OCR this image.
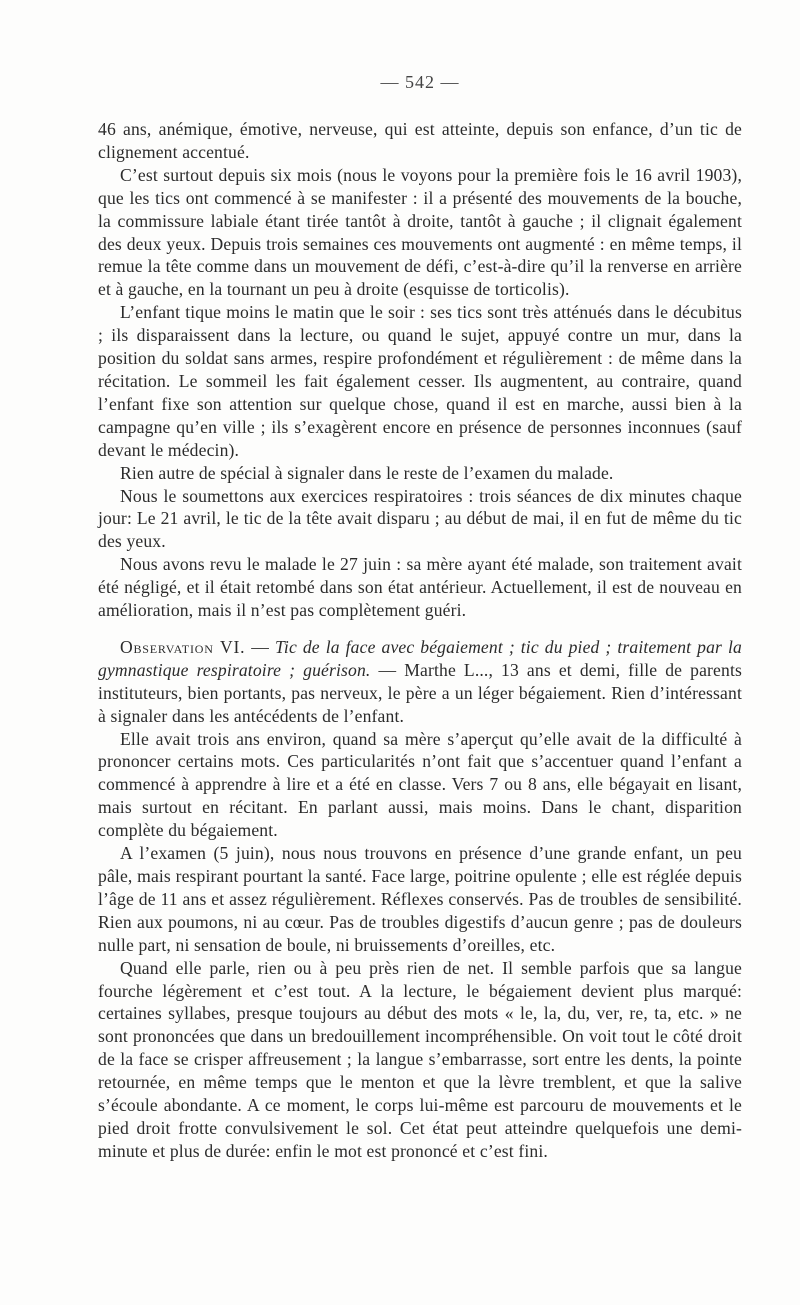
— 542 —

46 ans, anémique, émotive, nerveuse, qui est atteinte, depuis son enfance, d’un tic de clignement accentué.

C’est surtout depuis six mois (nous le voyons pour la première fois le 16 avril 1903), que les tics ont commencé à se manifester : il a présenté des mouvements de la bouche, la commissure labiale étant tirée tantôt à droite, tantôt à gauche ; il clignait également des deux yeux. Depuis trois semaines ces mouvements ont augmenté : en même temps, il remue la tête comme dans un mouvement de défi, c’est-à-dire qu’il la renverse en arrière et à gauche, en la tournant un peu à droite (esquisse de torticolis).

L’enfant tique moins le matin que le soir : ses tics sont très atténués dans le décubitus ; ils disparaissent dans la lecture, ou quand le sujet, appuyé contre un mur, dans la position du soldat sans armes, respire profondément et régulièrement : de même dans la récitation. Le sommeil les fait également cesser. Ils augmentent, au contraire, quand l’enfant fixe son attention sur quelque chose, quand il est en marche, aussi bien à la campagne qu’en ville ; ils s’exagèrent encore en présence de personnes inconnues (sauf devant le médecin).

Rien autre de spécial à signaler dans le reste de l’examen du malade.

Nous le soumettons aux exercices respiratoires : trois séances de dix minutes chaque jour: Le 21 avril, le tic de la tête avait disparu ; au début de mai, il en fut de même du tic des yeux.

Nous avons revu le malade le 27 juin : sa mère ayant été malade, son traitement avait été négligé, et il était retombé dans son état antérieur. Actuellement, il est de nouveau en amélioration, mais il n’est pas complètement guéri.

Observation VI. — Tic de la face avec bégaiement ; tic du pied ; traitement par la gymnastique respiratoire ; guérison. — Marthe L..., 13 ans et demi, fille de parents instituteurs, bien portants, pas nerveux, le père a un léger bégaiement. Rien d’intéressant à signaler dans les antécédents de l’enfant.

Elle avait trois ans environ, quand sa mère s’aperçut qu’elle avait de la difficulté à prononcer certains mots. Ces particularités n’ont fait que s’accentuer quand l’enfant a commencé à apprendre à lire et a été en classe. Vers 7 ou 8 ans, elle bégayait en lisant, mais surtout en récitant. En parlant aussi, mais moins. Dans le chant, disparition complète du bégaiement.

A l’examen (5 juin), nous nous trouvons en présence d’une grande enfant, un peu pâle, mais respirant pourtant la santé. Face large, poitrine opulente ; elle est réglée depuis l’âge de 11 ans et assez régulièrement. Réflexes conservés. Pas de troubles de sensibilité. Rien aux poumons, ni au cœur. Pas de troubles digestifs d’aucun genre ; pas de douleurs nulle part, ni sensation de boule, ni bruissements d’oreilles, etc.

Quand elle parle, rien ou à peu près rien de net. Il semble parfois que sa langue fourche légèrement et c’est tout. A la lecture, le bégaiement devient plus marqué: certaines syllabes, presque toujours au début des mots « le, la, du, ver, re, ta, etc. » ne sont prononcées que dans un bredouillement incompréhensible. On voit tout le côté droit de la face se crisper affreusement ; la langue s’embarrasse, sort entre les dents, la pointe retournée, en même temps que le menton et que la lèvre tremblent, et que la salive s’écoule abondante. A ce moment, le corps lui-même est parcouru de mouvements et le pied droit frotte convulsivement le sol. Cet état peut atteindre quelquefois une demi-minute et plus de durée: enfin le mot est prononcé et c’est fini.
